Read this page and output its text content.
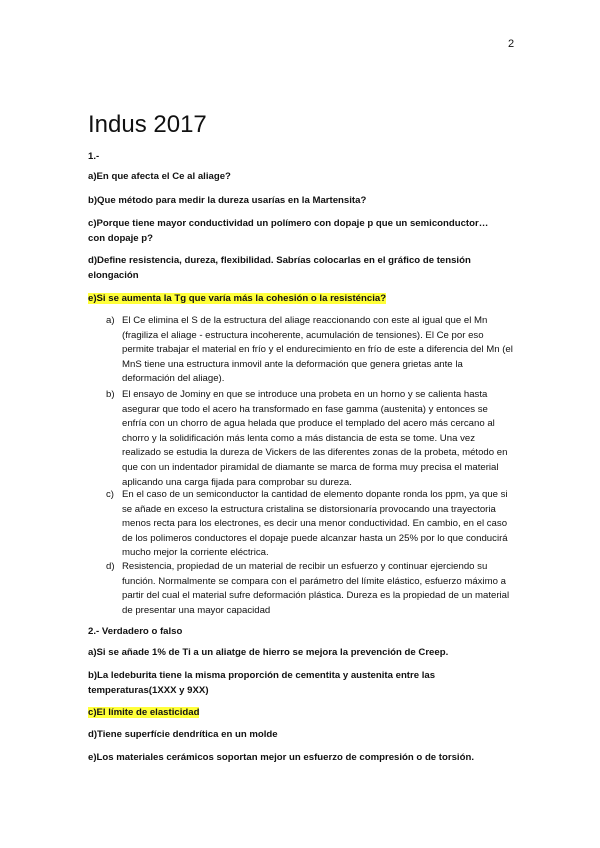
2
Indus 2017
1.-
a)En que afecta el Ce al aliage?
b)Que método para medir la dureza usarías en la Martensita?
c)Porque tiene mayor conductividad un polímero con dopaje p que un semiconductor… con dopaje p?
d)Define resistencia, dureza, flexibilidad. Sabrías colocarlas en el gráfico de tensión elongación
e)Si se aumenta la Tg que varía más la cohesión o la resisténcia?
a) El Ce elimina el S de la estructura del aliage reaccionando con este al igual que el Mn (fragiliza el aliage - estructura incoherente, acumulación de tensiones). El Ce por eso permite trabajar el material en frío y el endurecimiento en frío de este a diferencia del Mn (el MnS tiene una estructura inmovil ante la deformación que genera grietas ante la deformación del aliage).
b) El ensayo de Jominy en que se introduce una probeta en un horno y se calienta hasta asegurar que todo el acero ha transformado en fase gamma (austenita) y entonces se enfría con un chorro de agua helada que produce el templado del acero más cercano al chorro y la solidificación más lenta como a más distancia de esta se tome. Una vez realizado se estudia la dureza de Vickers de las diferentes zonas de la probeta, método en que con un indentador piramidal de diamante se marca de forma muy precisa el material aplicando una carga fijada para comprobar su dureza.
c) En el caso de un semiconductor la cantidad de elemento dopante ronda los ppm, ya que si se añade en exceso la estructura cristalina se distorsionaría provocando una trayectoria menos recta para los electrones, es decir una menor conductividad. En cambio, en el caso de los polimeros conductores el dopaje puede alcanzar hasta un 25% por lo que conducirá mucho mejor la corriente eléctrica.
d) Resistencia, propiedad de un material de recibir un esfuerzo y continuar ejerciendo su función. Normalmente se compara con el parámetro del límite elástico, esfuerzo máximo a partir del cual el material sufre deformación plástica. Dureza es la propiedad de un material de presentar una mayor capacidad
2.- Verdadero o falso
a)Si se añade 1% de Ti a un aliatge de hierro se mejora la prevención de Creep.
b)La ledeburita tiene la misma proporción de cementita y austenita entre las temperaturas(1XXX y 9XX)
c)El límite de elasticidad
d)Tiene superfície dendrítica en un molde
e)Los materiales cerámicos soportan mejor un esfuerzo de compresión o de torsión.
